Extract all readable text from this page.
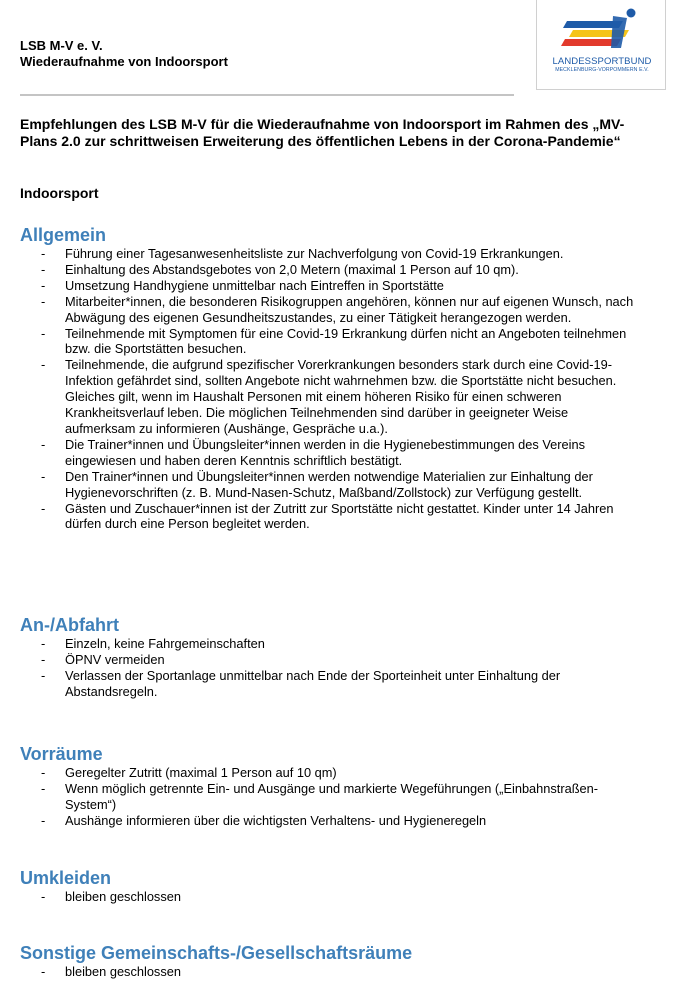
LSB M-V e. V.
Wiederaufnahme von Indoorsport	LANDESSPORTBUND
MECKLENBURG-VORPOMMERN E.V.
Empfehlungen des LSB M-V für die Wiederaufnahme von Indoorsport im Rahmen des „MV-Plans 2.0 zur schrittweisen Erweiterung des öffentlichen Lebens in der Corona-Pandemie“
Indoorsport
Allgemein
- Führung einer Tagesanwesenheitsliste zur Nachverfolgung von Covid-19 Erkrankungen.
- Einhaltung des Abstandsgebotes von 2,0 Metern (maximal 1 Person auf 10 qm).
- Umsetzung Handhygiene unmittelbar nach Eintreffen in Sportstätte
- Mitarbeiter*innen, die besonderen Risikogruppen angehören, können nur auf eigenen Wunsch, nach Abwägung des eigenen Gesundheitszustandes, zu einer Tätigkeit herangezogen werden.
- Teilnehmende mit Symptomen für eine Covid-19 Erkrankung dürfen nicht an Angeboten teilnehmen bzw. die Sportstätten besuchen.
- Teilnehmende, die aufgrund spezifischer Vorerkrankungen besonders stark durch eine Covid-19-Infektion gefährdet sind, sollten Angebote nicht wahrnehmen bzw. die Sportstätte nicht besuchen. Gleiches gilt, wenn im Haushalt Personen mit einem höheren Risiko für einen schweren Krankheitsverlauf leben. Die möglichen Teilnehmenden sind darüber in geeigneter Weise aufmerksam zu informieren (Aushänge, Gespräche u.a.).
- Die Trainer*innen und Übungsleiter*innen werden in die Hygienebestimmungen des Vereins eingewiesen und haben deren Kenntnis schriftlich bestätigt.
- Den Trainer*innen und Übungsleiter*innen werden notwendige Materialien zur Einhaltung der Hygienevorschriften (z. B. Mund-Nasen-Schutz, Maßband/Zollstock) zur Verfügung gestellt.
- Gästen und Zuschauer*innen ist der Zutritt zur Sportstätte nicht gestattet. Kinder unter 14 Jahren dürfen durch eine Person begleitet werden.
An-/Abfahrt
- Einzeln, keine Fahrgemeinschaften
- ÖPNV vermeiden
- Verlassen der Sportanlage unmittelbar nach Ende der Sporteinheit unter Einhaltung der Abstandsregeln.
Vorräume
- Geregelter Zutritt (maximal 1 Person auf 10 qm)
- Wenn möglich getrennte Ein- und Ausgänge und markierte Wegeführungen („Einbahnstraßen-System“)
- Aushänge informieren über die wichtigsten Verhaltens- und Hygieneregeln
Umkleiden
- bleiben geschlossen
Sonstige Gemeinschafts-/Gesellschaftsräume
- bleiben geschlossen
